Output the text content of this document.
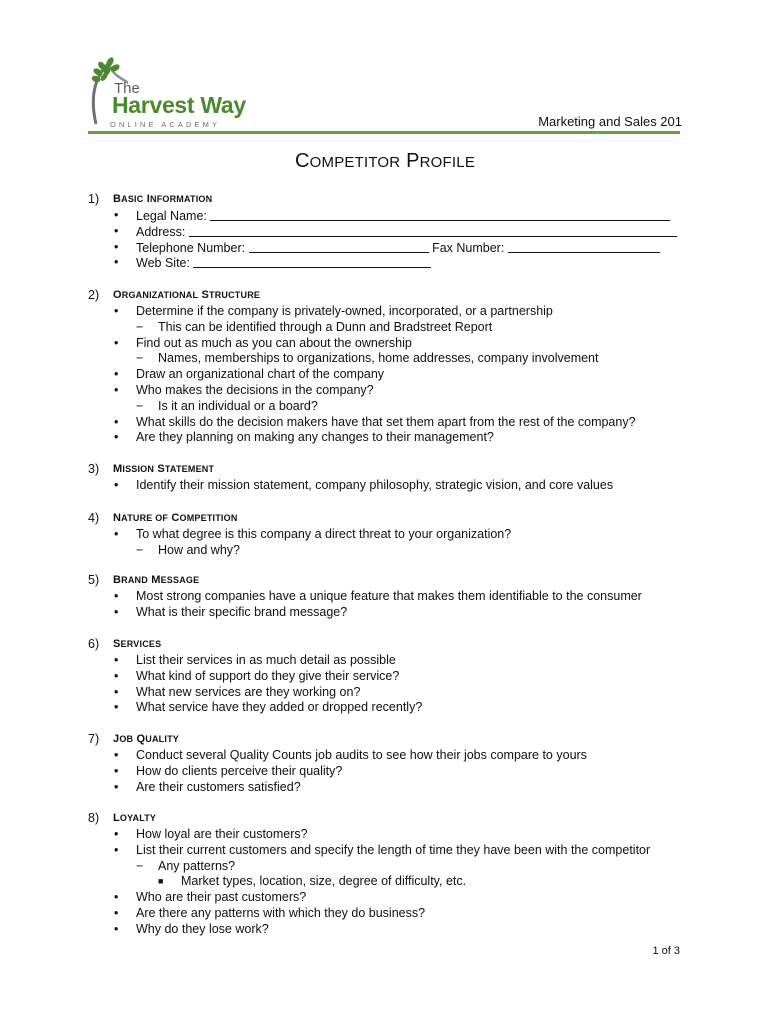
The
Harvest Way
ONLINE ACADEMY	Marketing and Sales 201
COMPETITOR PROFILE
1) BASIC INFORMATION
• Legal Name:
• Address:
• Telephone Number:	Fax Number:
• Web Site:
2) ORGANIZATIONAL STRUCTURE
• Determine if the company is privately-owned, incorporated, or a partnership
− This can be identified through a Dunn and Bradstreet Report
• Find out as much as you can about the ownership
− Names, memberships to organizations, home addresses, company involvement
• Draw an organizational chart of the company
• Who makes the decisions in the company?
− Is it an individual or a board?
• What skills do the decision makers have that set them apart from the rest of the company?
• Are they planning on making any changes to their management?
3) MISSION STATEMENT
• Identify their mission statement, company philosophy, strategic vision, and core values
4) NATURE OF COMPETITION
• To what degree is this company a direct threat to your organization?
− How and why?
5) BRAND MESSAGE
• Most strong companies have a unique feature that makes them identifiable to the consumer
• What is their specific brand message?
6) SERVICES
• List their services in as much detail as possible
• What kind of support do they give their service?
• What new services are they working on?
• What service have they added or dropped recently?
7) JOB QUALITY
• Conduct several Quality Counts job audits to see how their jobs compare to yours
• How do clients perceive their quality?
• Are their customers satisfied?
8) LOYALTY
• How loyal are their customers?
• List their current customers and specify the length of time they have been with the competitor
− Any patterns?
■ Market types, location, size, degree of difficulty, etc.
• Who are their past customers?
• Are there any patterns with which they do business?
• Why do they lose work?
1 of 3
